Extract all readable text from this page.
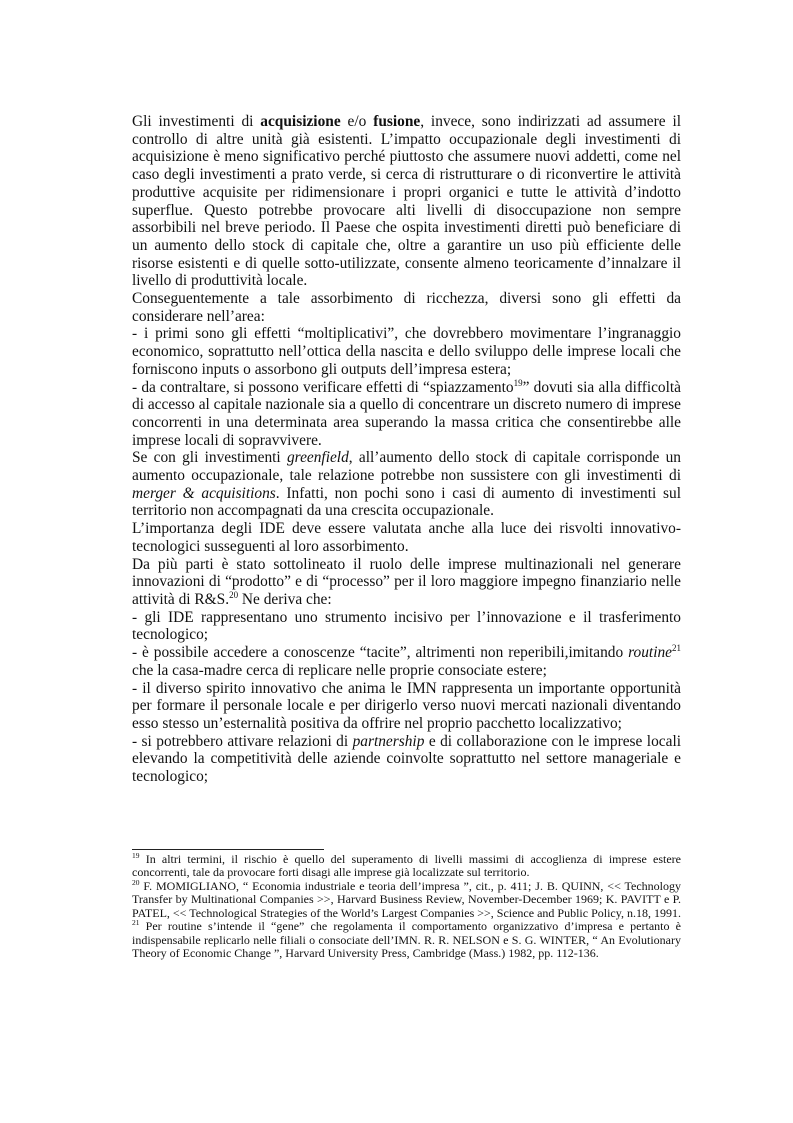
Gli investimenti di acquisizione e/o fusione, invece, sono indirizzati ad assumere il controllo di altre unità già esistenti. L’impatto occupazionale degli investimenti di acquisizione è meno significativo perché piuttosto che assumere nuovi addetti, come nel caso degli investimenti a prato verde, si cerca di ristrutturare o di riconvertire le attività produttive acquisite per ridimensionare i propri organici e tutte le attività d’indotto superflue. Questo potrebbe provocare alti livelli di disoccupazione non sempre assorbibili nel breve periodo. Il Paese che ospita investimenti diretti può beneficiare di un aumento dello stock di capitale che, oltre a garantire un uso più efficiente delle risorse esistenti e di quelle sotto-utilizzate, consente almeno teoricamente d’innalzare il livello di produttività locale.

Conseguentemente a tale assorbimento di ricchezza, diversi sono gli effetti da considerare nell’area:

- i primi sono gli effetti “moltiplicativi”, che dovrebbero movimentare l’ingranaggio economico, soprattutto nell’ottica della nascita e dello sviluppo delle imprese locali che forniscono inputs o assorbono gli outputs dell’impresa estera;

- da contraltare, si possono verificare effetti di “spiazzamento$^{19}$” dovuti sia alla difficoltà di accesso al capitale nazionale sia a quello di concentrare un discreto numero di imprese concorrenti in una determinata area superando la massa critica che consentirebbe alle imprese locali di sopravvivere.

Se con gli investimenti greenfield, all’aumento dello stock di capitale corrisponde un aumento occupazionale, tale relazione potrebbe non sussistere con gli investimenti di merger & acquisitions. Infatti, non pochi sono i casi di aumento di investimenti sul territorio non accompagnati da una crescita occupazionale.

L’importanza degli IDE deve essere valutata anche alla luce dei risvolti innovativo-tecnologici susseguenti al loro assorbimento.

Da più parti è stato sottolineato il ruolo delle imprese multinazionali nel generare innovazioni di “prodotto” e di “processo” per il loro maggiore impegno finanziario nelle attività di R&S.$^{20}$ Ne deriva che:

- gli IDE rappresentano uno strumento incisivo per l’innovazione e il trasferimento tecnologico;

- è possibile accedere a conoscenze “tacite”, altrimenti non reperibili,imitando routine$^{21}$ che la casa-madre cerca di replicare nelle proprie consociate estere;

- il diverso spirito innovativo che anima le IMN rappresenta un importante opportunità per formare il personale locale e per dirigerlo verso nuovi mercati nazionali diventando esso stesso un’esternalità positiva da offrire nel proprio pacchetto localizzativo;

- si potrebbero attivare relazioni di partnership e di collaborazione con le imprese locali elevando la competitività delle aziende coinvolte soprattutto nel settore manageriale e tecnologico;

$^{19}$ In altri termini, il rischio è quello del superamento di livelli massimi di accoglienza di imprese estere concorrenti, tale da provocare forti disagi alle imprese già localizzate sul territorio.

$^{20}$ F. MOMIGLIANO, “ Economia industriale e teoria dell’impresa ”, cit., p. 411; J. B. QUINN, << Technology Transfer by Multinational Companies >>, Harvard Business Review, November-December 1969; K. PAVITT e P. PATEL, << Technological Strategies of the World’s Largest Companies >>, Science and Public Policy, n.18, 1991.

$^{21}$ Per routine s’intende il “gene” che regolamenta il comportamento organizzativo d’impresa e pertanto è indispensabile replicarlo nelle filiali o consociate dell’IMN. R. R. NELSON e S. G. WINTER, “ An Evolutionary Theory of Economic Change ”, Harvard University Press, Cambridge (Mass.) 1982, pp. 112-136.
